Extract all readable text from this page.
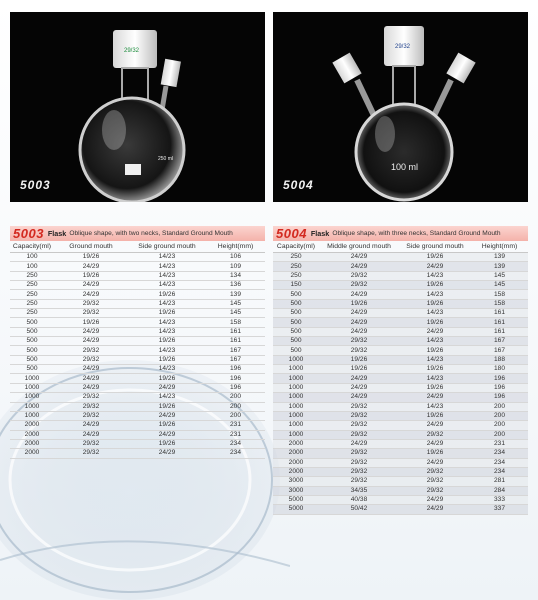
29/32
250 ml
5003
29/32
100 ml
5004
5003 Flask Oblique shape, with two necks, Standard Ground Mouth
Capacity(ml)	Ground mouth	Side ground mouth	Height(mm)
100	19/26	14/23	106
100	24/29	14/23	109
250	19/26	14/23	134
250	24/29	14/23	136
250	24/29	19/26	139
250	29/32	14/23	145
250	29/32	19/26	145
500	19/26	14/23	158
500	24/29	14/23	161
500	24/29	19/26	161
500	29/32	14/23	167
500	29/32	19/26	167
500	24/29	14/23	196
1000	24/29	19/26	196
1000	24/29	24/29	196
1000	29/32	14/23	200
1000	29/32	19/26	200
1000	29/32	24/29	200
2000	24/29	19/26	231
2000	24/29	24/29	231
2000	29/32	19/26	234
2000	29/32	24/29	234
5004 Flask Oblique shape, with three necks, Standard Ground Mouth
Capacity(ml)	Middle ground mouth	Side ground mouth	Height(mm)
250	24/29	19/26	139
250	24/29	24/29	139
250	29/32	14/23	145
150	29/32	19/26	145
500	24/29	14/23	158
500	19/26	19/26	158
500	24/29	14/23	161
500	24/29	19/26	161
500	24/29	24/29	161
500	29/32	14/23	167
500	29/32	19/26	167
1000	19/26	14/23	188
1000	19/26	19/26	180
1000	24/29	14/23	196
1000	24/29	19/26	196
1000	24/29	24/29	196
1000	29/32	14/23	200
1000	29/32	19/26	200
1000	29/32	24/29	200
1000	29/32	29/32	200
2000	24/29	24/29	231
2000	29/32	19/26	234
2000	29/32	24/29	234
2000	29/32	29/32	234
3000	29/32	29/32	281
3000	34/35	29/32	284
5000	40/38	24/29	333
5000	50/42	24/29	337
